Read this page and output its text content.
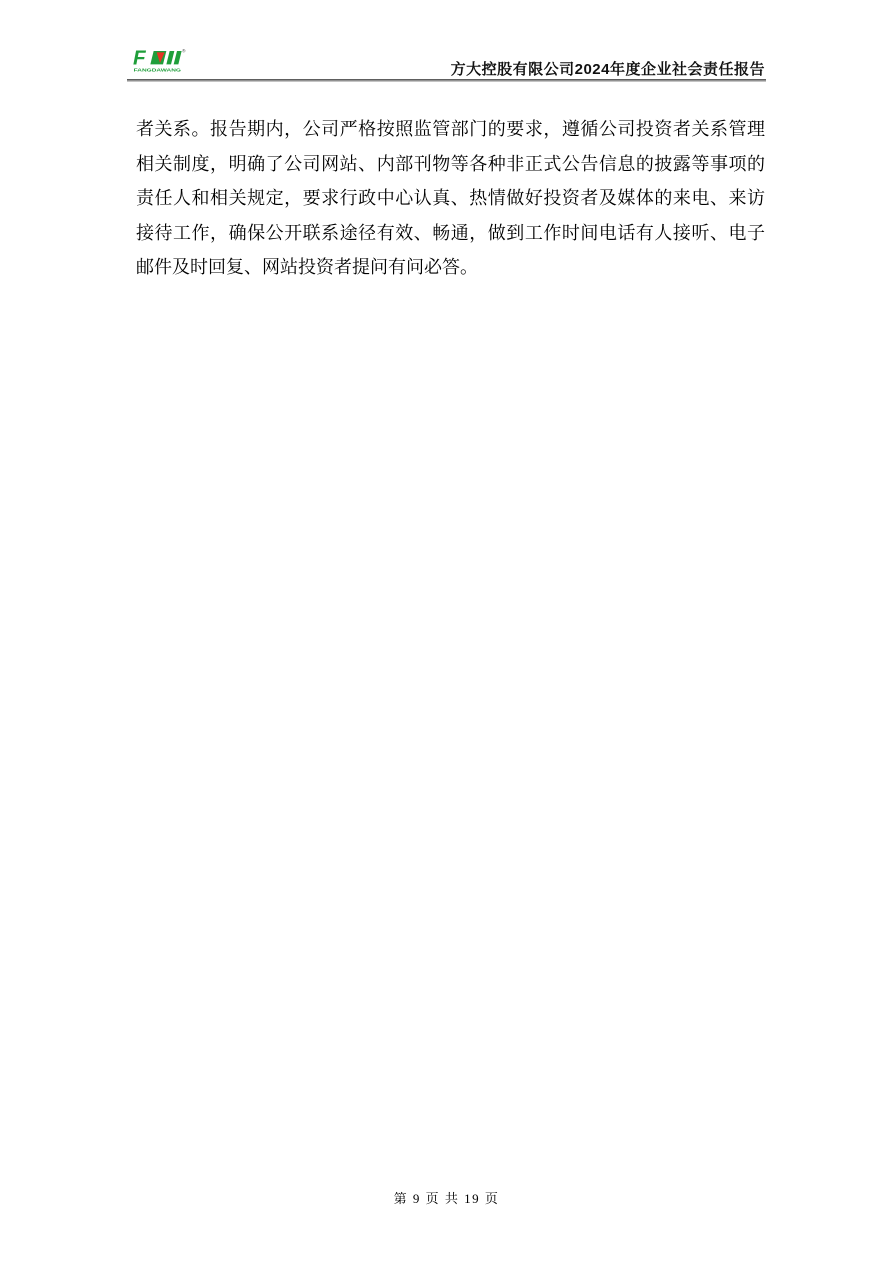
F	®
FANGDAWANG	方大控股有限公司2024年度企业社会责任报告
者关系。报告期内，公司严格按照监管部门的要求，遵循公司投资者关系管理
相关制度，明确了公司网站、内部刊物等各种非正式公告信息的披露等事项的
责任人和相关规定，要求行政中心认真、热情做好投资者及媒体的来电、来访
接待工作，确保公开联系途径有效、畅通，做到工作时间电话有人接听、电子
邮件及时回复、网站投资者提问有问必答。
第 9 页 共 19 页
